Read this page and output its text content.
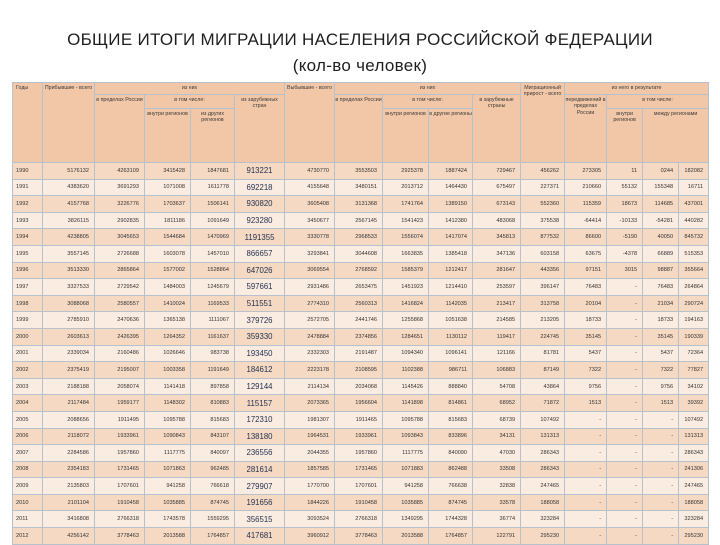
ОБЩИЕ ИТОГИ МИГРАЦИИ НАСЕЛЕНИЯ РОССИЙСКОЙ ФЕДЕРАЦИИ
(кол-во человек)
Годы	Прибывшие - всего	из них				Выбывшие - всего	из них				Миграционный прирост - всего	из него в результате				
		в пределах России	в том числе:		из зарубежных стран		в пределах России	в том числе:		в зарубежные страны		передвижений в пределах России	в том числе:	
			внутри регионов	из других регионов				внутри регионов	в другие регионы				внутри регионов	между регионами		
1990	5176132	4263109	3415428	1847681	913221	4730770	3553503	2925378	1887424	729467	456262	273305	11	0244	182082	
1991	4383620	3691293	1071008	1611778	692218	4155648	3480151	2013712	1464430	675497	227371	210660	55132	155348	16711	
1992	4157768	3226776	1703637	1506141	930820	3605408	3131368	1741764	1389150	673143	552360	115359	18673	114685	437001	
1993	3826115	2902835	1811186	1091649	923280	3450677	2567145	1541423	1412380	483068	375538	-64414	-10133	-54281	440282	
1994	4238805	3045653	1544684	1470969	1191355	3330778	2968533	1556074	1417074	345813	877532	86600	-5190	40050	845732	
1995	3557145	2726688	1603078	1457010	866657	3293841	3044608	1663835	1385418	347136	603158	63675	-4378	66889	515353	
1996	3513330	2865864	1577002	1528864	647026	3069554	2768592	1585379	1212417	281647	443356	97151	3015	98887	355664	
1997	3327533	2729542	1484003	1245679	597661	2931486	2653475	1451923	1214410	253597	396147	76483	-	76483	264864	
1998	3088068	2580557	1410024	1169533	511551	2774310	2560313	1416824	1142035	213417	313758	20104	-	21034	290724	
1999	2785910	2470636	1365138	1111067	379726	2572705	2441746	1255868	1051638	214585	213205	18733	-	18733	194163	
2000	2603613	2426395	1264352	1161637	359330	2478884	2374856	1284651	1130112	119417	224745	35145	-	35145	190339	
2001	2339034	2160486	1026646	983738	193450	2332303	2191487	1094340	1096141	121166	81781	5437	-	5437	72364	
2002	2375419	2195007	1003358	1191649	184612	2223178	2108595	1102388	986711	106883	87149	7322	-	7322	77827	
2003	2188188	2058074	1141418	897858	129144	2114134	2034068	1145426	888840	54708	43864	9756	-	9756	34102	
2004	2117484	1959177	1148302	810883	115157	2073365	1956604	1141898	814861	68952	71872	1513	-	1513	39392	
2005	2088656	1911495	1095788	815683	172310	1981307	1911465	1095788	815683	68739	107492	-	-	-	107492	
2006	2118072	1933961	1090843	843107	138180	1964531	1933961	1093843	833896	34131	131313	-	-	-	131313	
2007	2284586	1957860	1117775	840097	236556	2044355	1957860	1117775	840090	47030	286343	-	-	-	286343	
2008	2354183	1731465	1071863	962485	281614	1857585	1731465	1071883	862488	33508	286343	-	-	-	241306	
2009	2135803	1707601	941258	766618	279907	1770700	1707601	941258	766638	32838	247465	-	-	-	247465	
2010	2101104	1910458	1035885	874745	191656	1844226	1910458	1035885	874745	33578	188058	-	-	-	188058	
2011	3416808	2766318	1743578	1559295	356515	3093524	2766318	1349295	1744328	36774	323284	-	-	-	323284	
2012	4256142	3778463	2013588	1764857	417681	3960912	3778463	2013588	1764857	122791	295230	-	-	-	295230	
